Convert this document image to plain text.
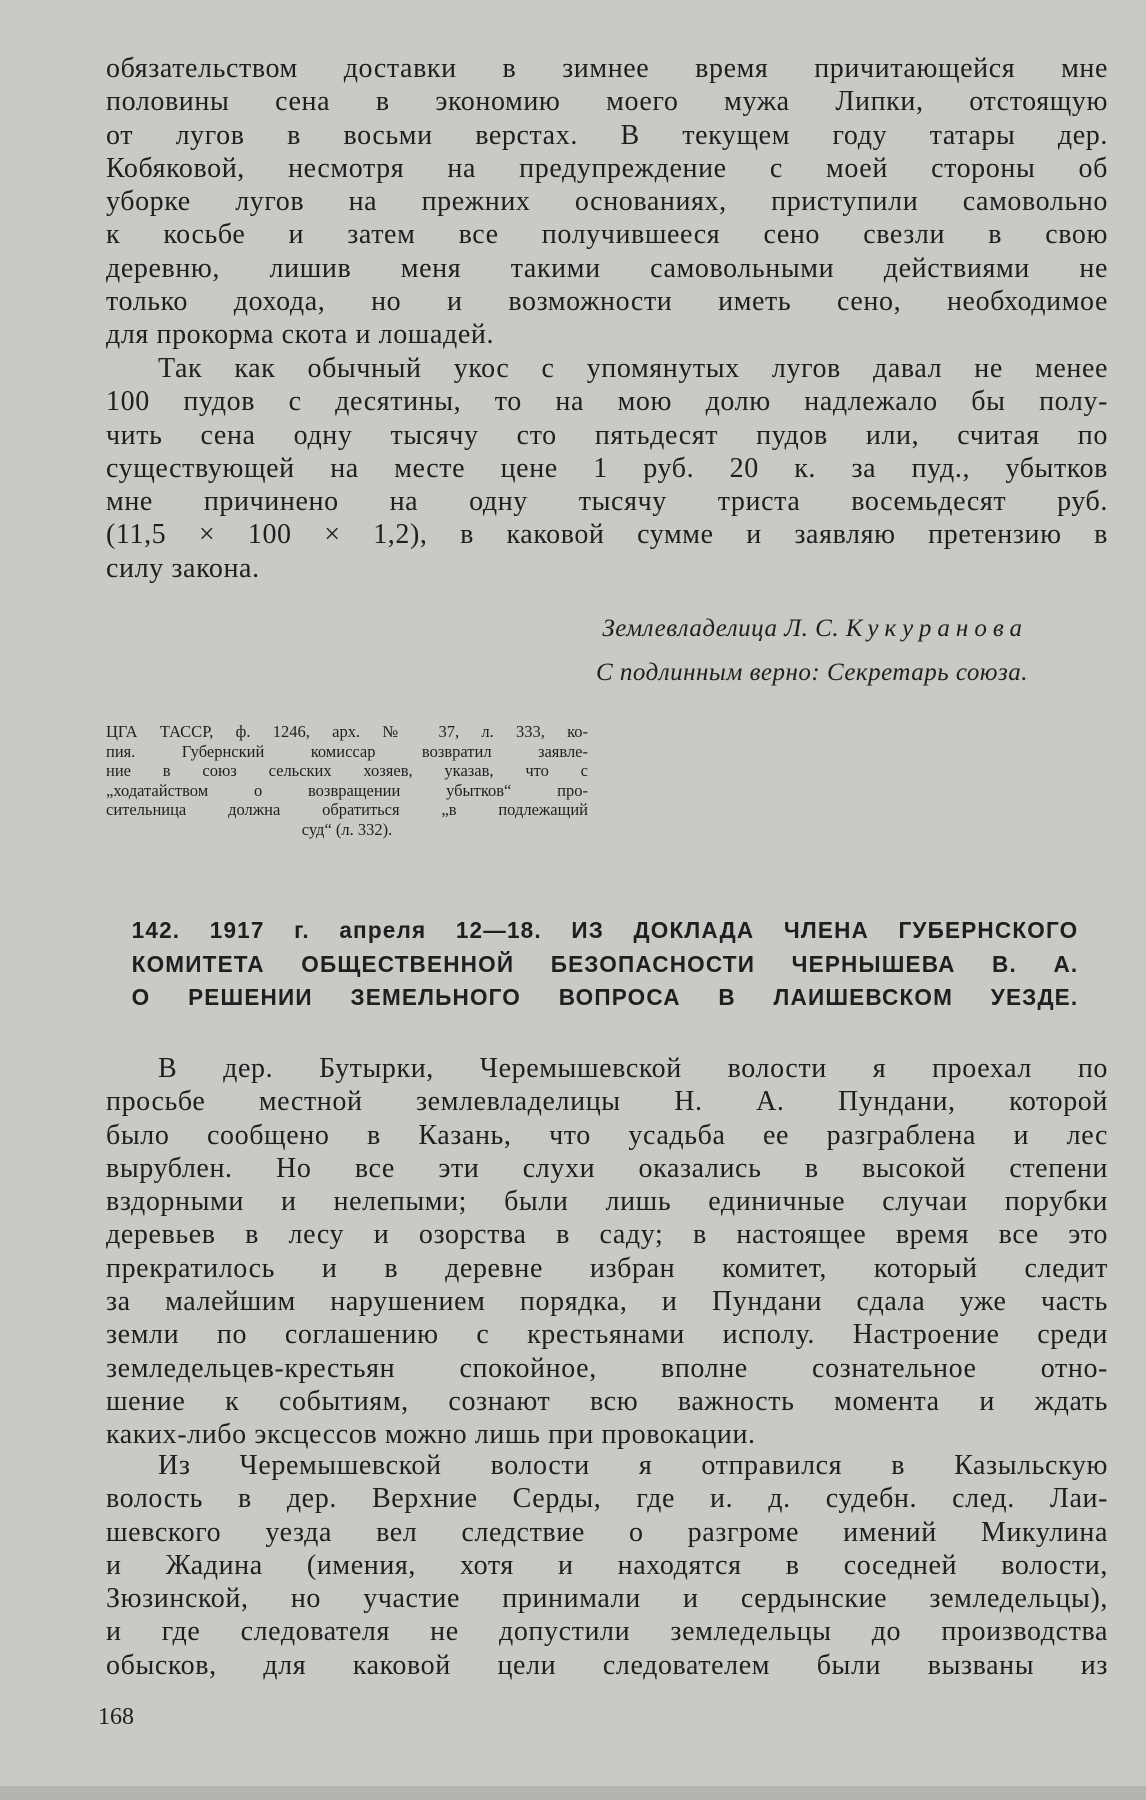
обязательством доставки в зимнее время причитающейся мне
половины сена в экономию моего мужа Липки, отстоящую
от лугов в восьми верстах. В текущем году татары дер.
Кобяковой, несмотря на предупреждение с моей стороны об
уборке лугов на прежних основаниях, приступили самовольно
к косьбе и затем все получившееся сено свезли в свою
деревню, лишив меня такими самовольными действиями не
только дохода, но и возможности иметь сено, необходимое
для прокорма скота и лошадей.
Так как обычный укос с упомянутых лугов давал не менее
100 пудов с десятины, то на мою долю надлежало бы полу-
чить сена одну тысячу сто пятьдесят пудов или, считая по
существующей на месте цене 1 руб. 20 к. за пуд., убытков
мне причинено на одну тысячу триста восемьдесят руб.
(11,5 × 100 × 1,2), в каковой сумме и заявляю претензию в
силу закона.
Землевладелица Л. С. Кукуранова
С подлинным верно: Секретарь союза.
ЦГА ТАССР, ф. 1246, арх. № 37, л. 333, ко-
пия. Губернский комиссар возвратил заявле-
ние в союз сельских хозяев, указав, что с
„ходатайством о возвращении убытков“ про-
сительница должна обратиться „в подлежащий
суд“ (л. 332).
142. 1917 г. апреля 12—18. ИЗ ДОКЛАДА ЧЛЕНА ГУБЕРНСКОГО
КОМИТЕТА ОБЩЕСТВЕННОЙ БЕЗОПАСНОСТИ ЧЕРНЫШЕВА В. А.
О РЕШЕНИИ ЗЕМЕЛЬНОГО ВОПРОСА В ЛАИШЕВСКОМ УЕЗДЕ.
В дер. Бутырки, Черемышевской волости я проехал по
просьбе местной землевладелицы Н. А. Пундани, которой
было сообщено в Казань, что усадьба ее разграблена и лес
вырублен. Но все эти слухи оказались в высокой степени
вздорными и нелепыми; были лишь единичные случаи порубки
деревьев в лесу и озорства в саду; в настоящее время все это
прекратилось и в деревне избран комитет, который следит
за малейшим нарушением порядка, и Пундани сдала уже часть
земли по соглашению с крестьянами исполу. Настроение среди
земледельцев-крестьян спокойное, вполне сознательное отно-
шение к событиям, сознают всю важность момента и ждать
каких-либо эксцессов можно лишь при провокации.
Из Черемышевской волости я отправился в Казыльскую
волость в дер. Верхние Серды, где и. д. судебн. след. Лаи-
шевского уезда вел следствие о разгроме имений Микулина
и Жадина (имения, хотя и находятся в соседней волости,
Зюзинской, но участие принимали и сердынские земледельцы),
и где следователя не допустили земледельцы до производства
обысков, для каковой цели следователем были вызваны из
168
